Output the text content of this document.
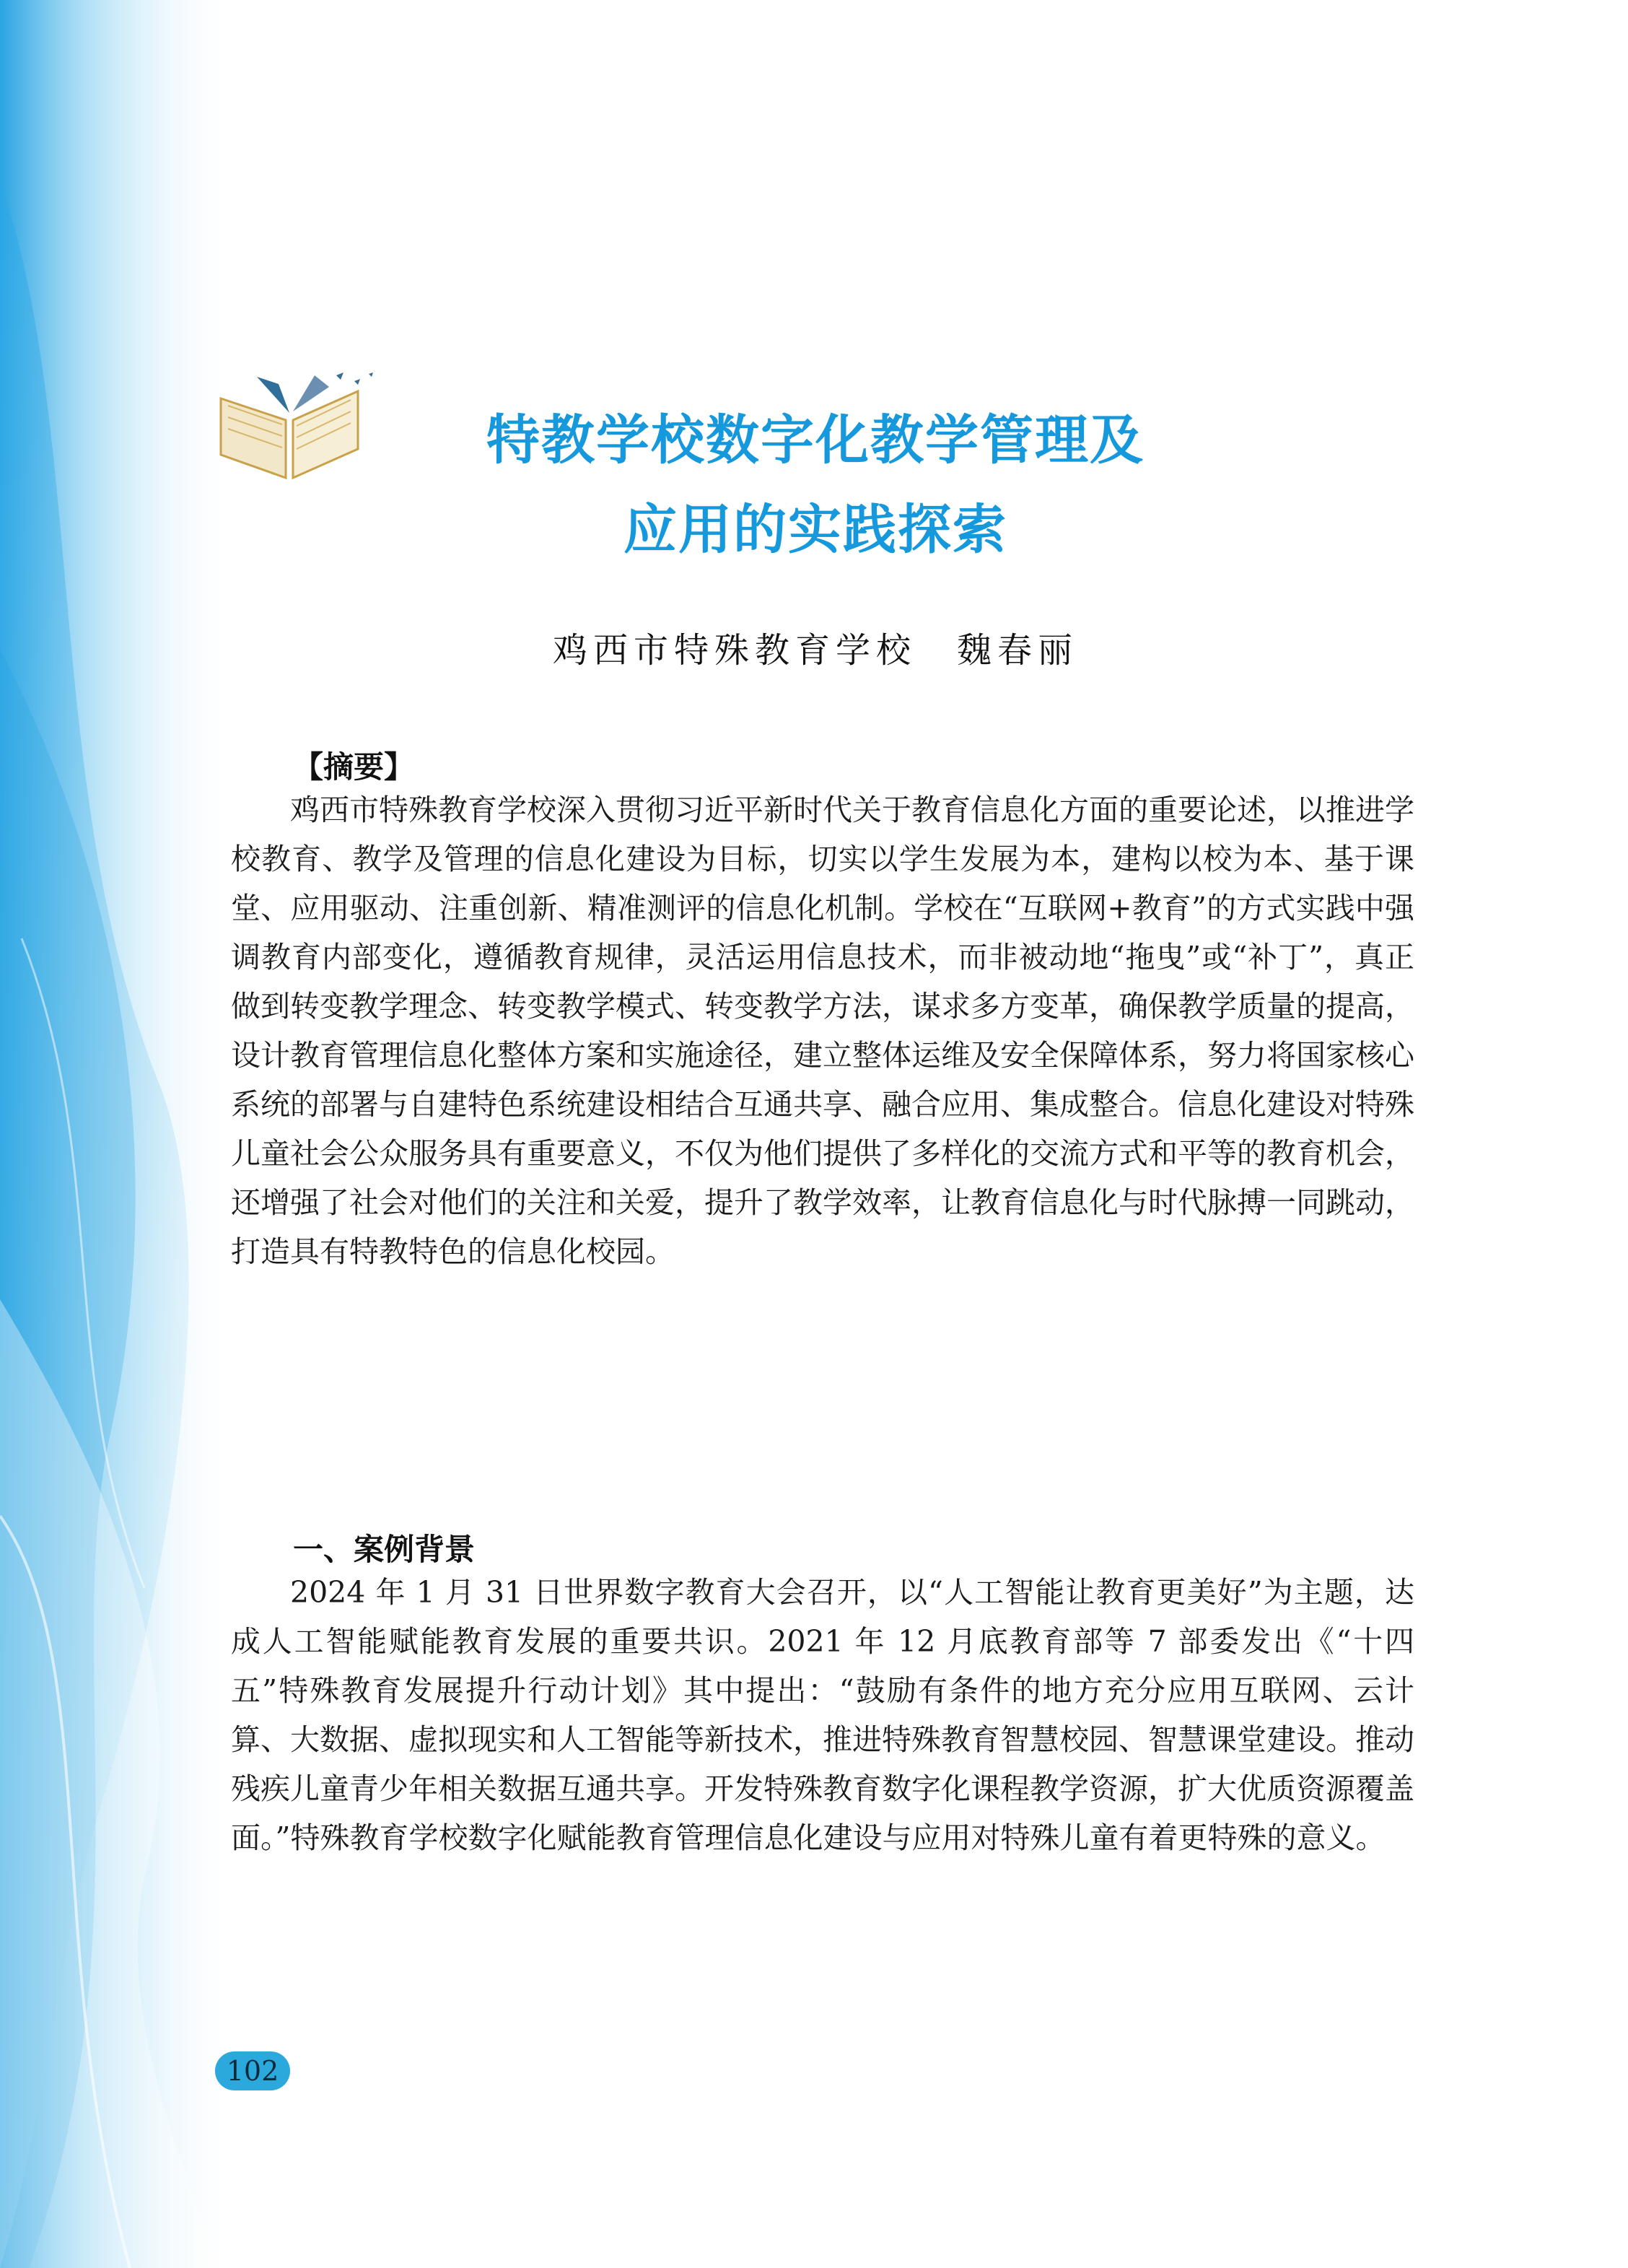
特教学校数字化教学管理及
应用的实践探索
鸡西市特殊教育学校　魏春丽
【摘要】
鸡西市特殊教育学校深入贯彻习近平新时代关于教育信息化方面的重要论述，以推进学校教育、教学及管理的信息化建设为目标，切实以学生发展为本，建构以校为本、基于课堂、应用驱动、注重创新、精准测评的信息化机制。学校在“互联网+教育”的方式实践中强调教育内部变化，遵循教育规律，灵活运用信息技术，而非被动地“拖曳”或“补丁”，真正做到转变教学理念、转变教学模式、转变教学方法，谋求多方变革，确保教学质量的提高，设计教育管理信息化整体方案和实施途径，建立整体运维及安全保障体系，努力将国家核心系统的部署与自建特色系统建设相结合互通共享、融合应用、集成整合。信息化建设对特殊儿童社会公众服务具有重要意义，不仅为他们提供了多样化的交流方式和平等的教育机会，还增强了社会对他们的关注和关爱，提升了教学效率，让教育信息化与时代脉搏一同跳动，打造具有特教特色的信息化校园。
一、案例背景
2024 年 1 月 31 日世界数字教育大会召开，以“人工智能让教育更美好”为主题，达成人工智能赋能教育发展的重要共识。2021 年 12 月底教育部等 7 部委发出《“十四五”特殊教育发展提升行动计划》其中提出：“鼓励有条件的地方充分应用互联网、云计算、大数据、虚拟现实和人工智能等新技术，推进特殊教育智慧校园、智慧课堂建设。推动残疾儿童青少年相关数据互通共享。开发特殊教育数字化课程教学资源，扩大优质资源覆盖面。”特殊教育学校数字化赋能教育管理信息化建设与应用对特殊儿童有着更特殊的意义。
102
